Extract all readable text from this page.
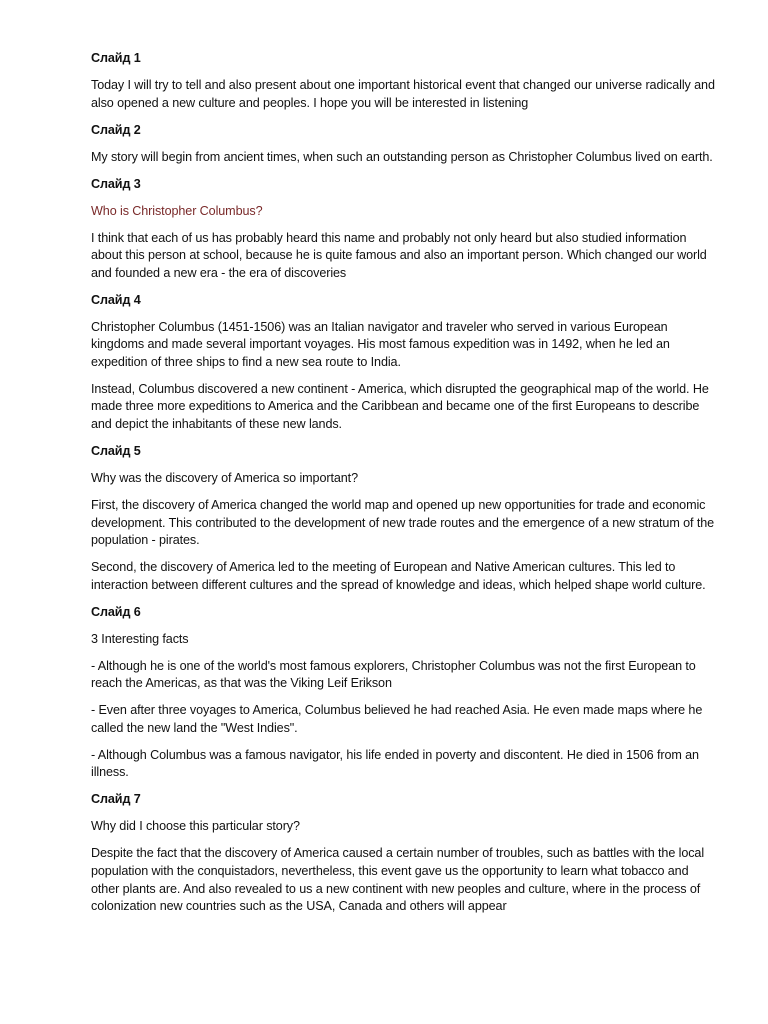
Слайд 1
Today I will try to tell and also present about one important historical event that changed our universe radically and also opened a new culture and peoples. I hope you will be interested in listening
Слайд 2
My story will begin from ancient times, when such an outstanding person as Christopher Columbus lived on earth.
Слайд 3
Who is Christopher Columbus?
I think that each of us has probably heard this name and probably not only heard but also studied information about this person at school, because he is quite famous and also an important person. Which changed our world and founded a new era - the era of discoveries
Слайд 4
Christopher Columbus (1451-1506) was an Italian navigator and traveler who served in various European kingdoms and made several important voyages. His most famous expedition was in 1492, when he led an expedition of three ships to find a new sea route to India.
Instead, Columbus discovered a new continent - America, which disrupted the geographical map of the world. He made three more expeditions to America and the Caribbean and became one of the first Europeans to describe and depict the inhabitants of these new lands.
Слайд 5
Why was the discovery of America so important?
First, the discovery of America changed the world map and opened up new opportunities for trade and economic development. This contributed to the development of new trade routes and the emergence of a new stratum of the population - pirates.
Second, the discovery of America led to the meeting of European and Native American cultures. This led to interaction between different cultures and the spread of knowledge and ideas, which helped shape world culture.
Слайд 6
3 Interesting facts
- Although he is one of the world's most famous explorers, Christopher Columbus was not the first European to reach the Americas, as that was the Viking Leif Erikson
- Even after three voyages to America, Columbus believed he had reached Asia. He even made maps where he called the new land the "West Indies".
- Although Columbus was a famous navigator, his life ended in poverty and discontent. He died in 1506 from an illness.
Слайд 7
Why did I choose this particular story?
Despite the fact that the discovery of America caused a certain number of troubles, such as battles with the local population with the conquistadors, nevertheless, this event gave us the opportunity to learn what tobacco and other plants are. And also revealed to us a new continent with new peoples and culture, where in the process of colonization new countries such as the USA, Canada and others will appear
